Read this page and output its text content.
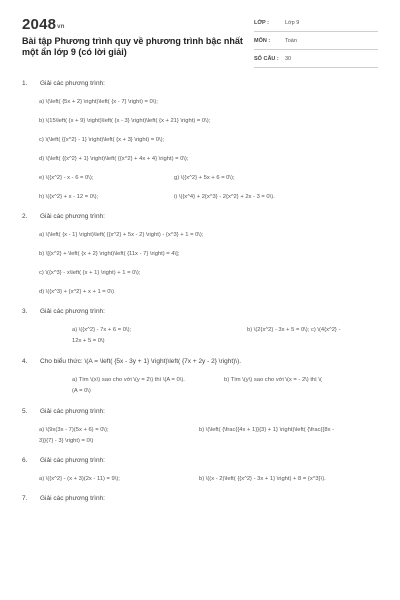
2048vn
Bài tập Phương trình quy về phương trình bậc nhất một ẩn lớp 9 (có lời giải)
LỚP :	Lớp 9
MÔN :	Toán
SỐ CÂU :	30
1. Giải các phương trình:
a) \(\left( {5x + 2} \right)\left( {x - 7} \right) = 0\);
b) \(15\left( {x + 9} \right)\left( {x - 3} \right)\left( {x + 21} \right) = 0\);
c) \(\left( {{x^2} - 1} \right)\left( {x + 3} \right) = 0\);
d) \(\left( {{x^2} + 1} \right)\left( {{x^2} + 4x + 4} \right) = 0\);
e) \({x^2} - x - 6 = 0\);	g) \({x^2} + 5x + 6 = 0\);
h) \({x^2} + x - 12 = 0\);	i) \({x^4} + 2{x^3} - 2{x^2} + 2x - 3 = 0\).
2. Giải các phương trình:
a) \(\left( {x - 1} \right)\left( {{x^2} + 5x - 2} \right) - {x^3} + 1 = 0\);
b) \[{x^2} + \left( {x + 2} \right)\left( {11x - 7} \right) = 4\];
c) \({x^3} - x\left( {x + 1} \right) + 1 = 0\);
d) \({x^3} + {x^2} + x + 1 = 0\)
3. Giải các phương trình:
a) \({x^2} - 7x + 6 = 0\);	b) \(2{x^2} - 3x + 5 = 0\); c) \(4{x^2} -
12x + 5 = 0\)
4. Cho biểu thức: \(A = \left( {5x - 3y + 1} \right)\left( {7x + 2y - 2} \right)\).
a) Tìm \(x\) sao cho với \(y = 2\) thì \(A = 0\).	b) Tìm \(y\) sao cho với \(x = - 2\) thì \(
(A = 0\)
5. Giải các phương trình:
a) \(9x(3x - 7)(5x + 6) = 0\);	b) \(\left( {\frac{{4x + 1}}{3} + 1} \right)\left( {\frac{{8x -
3}}{7} - 3} \right) = 0\)
6. Giải các phương trình:
a) \({x^2} - (x + 3)(2x - 11) = 9\);	b) \((x - 2)\left( {{x^2} - 3x + 1} \right) + 8 = {x^3}\).
7. Giải các phương trình:
